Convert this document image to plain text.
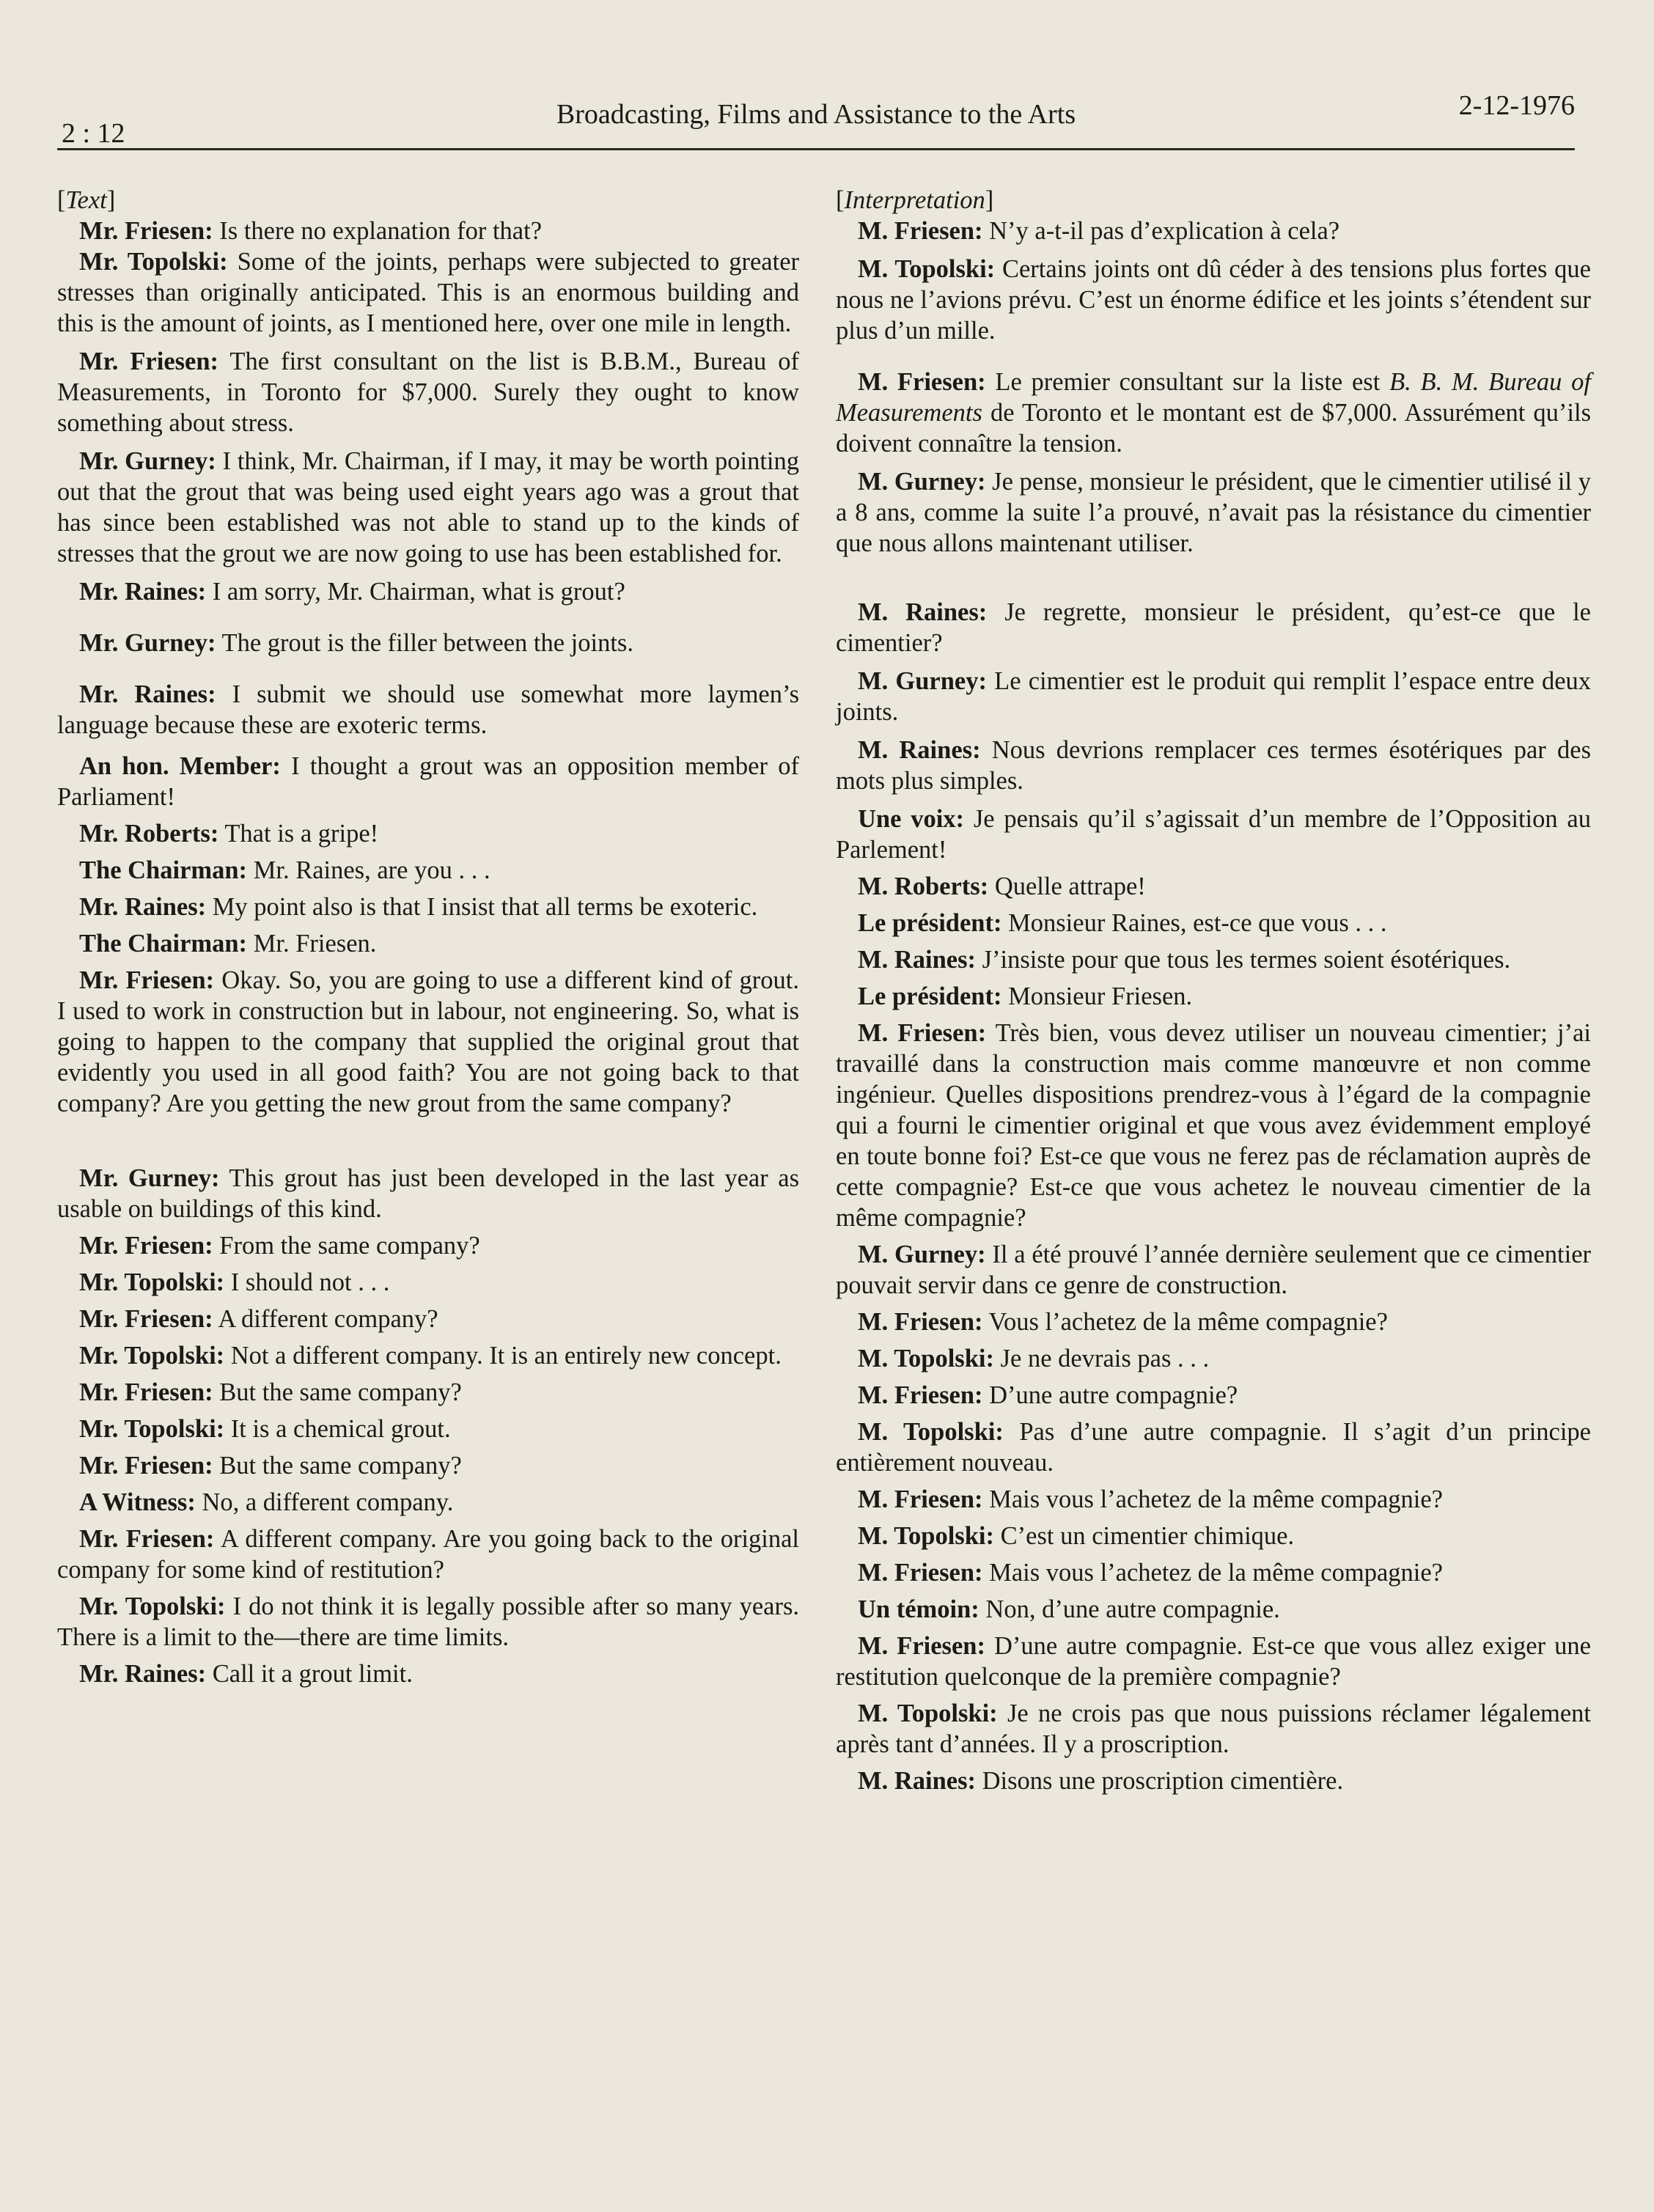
2 : 12
Broadcasting, Films and Assistance to the Arts	2-12-1976

[Text]

Mr. Friesen: Is there no explanation for that?

Mr. Topolski: Some of the joints, perhaps were subjected to greater stresses than originally anticipated. This is an enormous building and this is the amount of joints, as I mentioned here, over one mile in length.

Mr. Friesen: The first consultant on the list is B.B.M., Bureau of Measurements, in Toronto for $7,000. Surely they ought to know something about stress.

Mr. Gurney: I think, Mr. Chairman, if I may, it may be worth pointing out that the grout that was being used eight years ago was a grout that has since been established was not able to stand up to the kinds of stresses that the grout we are now going to use has been established for.

Mr. Raines: I am sorry, Mr. Chairman, what is grout?

Mr. Gurney: The grout is the filler between the joints.

Mr. Raines: I submit we should use somewhat more laymen’s language because these are exoteric terms.

An hon. Member: I thought a grout was an opposition member of Parliament!

Mr. Roberts: That is a gripe!

The Chairman: Mr. Raines, are you . . .

Mr. Raines: My point also is that I insist that all terms be exoteric.

The Chairman: Mr. Friesen.

Mr. Friesen: Okay. So, you are going to use a different kind of grout. I used to work in construction but in labour, not engineering. So, what is going to happen to the company that supplied the original grout that evidently you used in all good faith? You are not going back to that company? Are you getting the new grout from the same company?

Mr. Gurney: This grout has just been developed in the last year as usable on buildings of this kind.

Mr. Friesen: From the same company?

Mr. Topolski: I should not . . .

Mr. Friesen: A different company?

Mr. Topolski: Not a different company. It is an entirely new concept.

Mr. Friesen: But the same company?

Mr. Topolski: It is a chemical grout.

Mr. Friesen: But the same company?

A Witness: No, a different company.

Mr. Friesen: A different company. Are you going back to the original company for some kind of restitution?

Mr. Topolski: I do not think it is legally possible after so many years. There is a limit to the—there are time limits.

Mr. Raines: Call it a grout limit.

[Interpretation]

M. Friesen: N’y a-t-il pas d’explication à cela?

M. Topolski: Certains joints ont dû céder à des tensions plus fortes que nous ne l’avions prévu. C’est un énorme édifice et les joints s’étendent sur plus d’un mille.

M. Friesen: Le premier consultant sur la liste est B. B. M. Bureau of Measurements de Toronto et le montant est de $7,000. Assurément qu’ils doivent connaître la tension.

M. Gurney: Je pense, monsieur le président, que le cimentier utilisé il y a 8 ans, comme la suite l’a prouvé, n’avait pas la résistance du cimentier que nous allons maintenant utiliser.

M. Raines: Je regrette, monsieur le président, qu’est-ce que le cimentier?

M. Gurney: Le cimentier est le produit qui remplit l’espace entre deux joints.

M. Raines: Nous devrions remplacer ces termes ésotériques par des mots plus simples.

Une voix: Je pensais qu’il s’agissait d’un membre de l’Opposition au Parlement!

M. Roberts: Quelle attrape!

Le président: Monsieur Raines, est-ce que vous . . .

M. Raines: J’insiste pour que tous les termes soient ésotériques.

Le président: Monsieur Friesen.

M. Friesen: Très bien, vous devez utiliser un nouveau cimentier; j’ai travaillé dans la construction mais comme manœuvre et non comme ingénieur. Quelles dispositions prendrez-vous à l’égard de la compagnie qui a fourni le cimentier original et que vous avez évidemment employé en toute bonne foi? Est-ce que vous ne ferez pas de réclamation auprès de cette compagnie? Est-ce que vous achetez le nouveau cimentier de la même compagnie?

M. Gurney: Il a été prouvé l’année dernière seulement que ce cimentier pouvait servir dans ce genre de construction.

M. Friesen: Vous l’achetez de la même compagnie?

M. Topolski: Je ne devrais pas . . .

M. Friesen: D’une autre compagnie?

M. Topolski: Pas d’une autre compagnie. Il s’agit d’un principe entièrement nouveau.

M. Friesen: Mais vous l’achetez de la même compagnie?

M. Topolski: C’est un cimentier chimique.

M. Friesen: Mais vous l’achetez de la même compagnie?

Un témoin: Non, d’une autre compagnie.

M. Friesen: D’une autre compagnie. Est-ce que vous allez exiger une restitution quelconque de la première compagnie?

M. Topolski: Je ne crois pas que nous puissions réclamer légalement après tant d’années. Il y a proscription.

M. Raines: Disons une proscription cimentière.
